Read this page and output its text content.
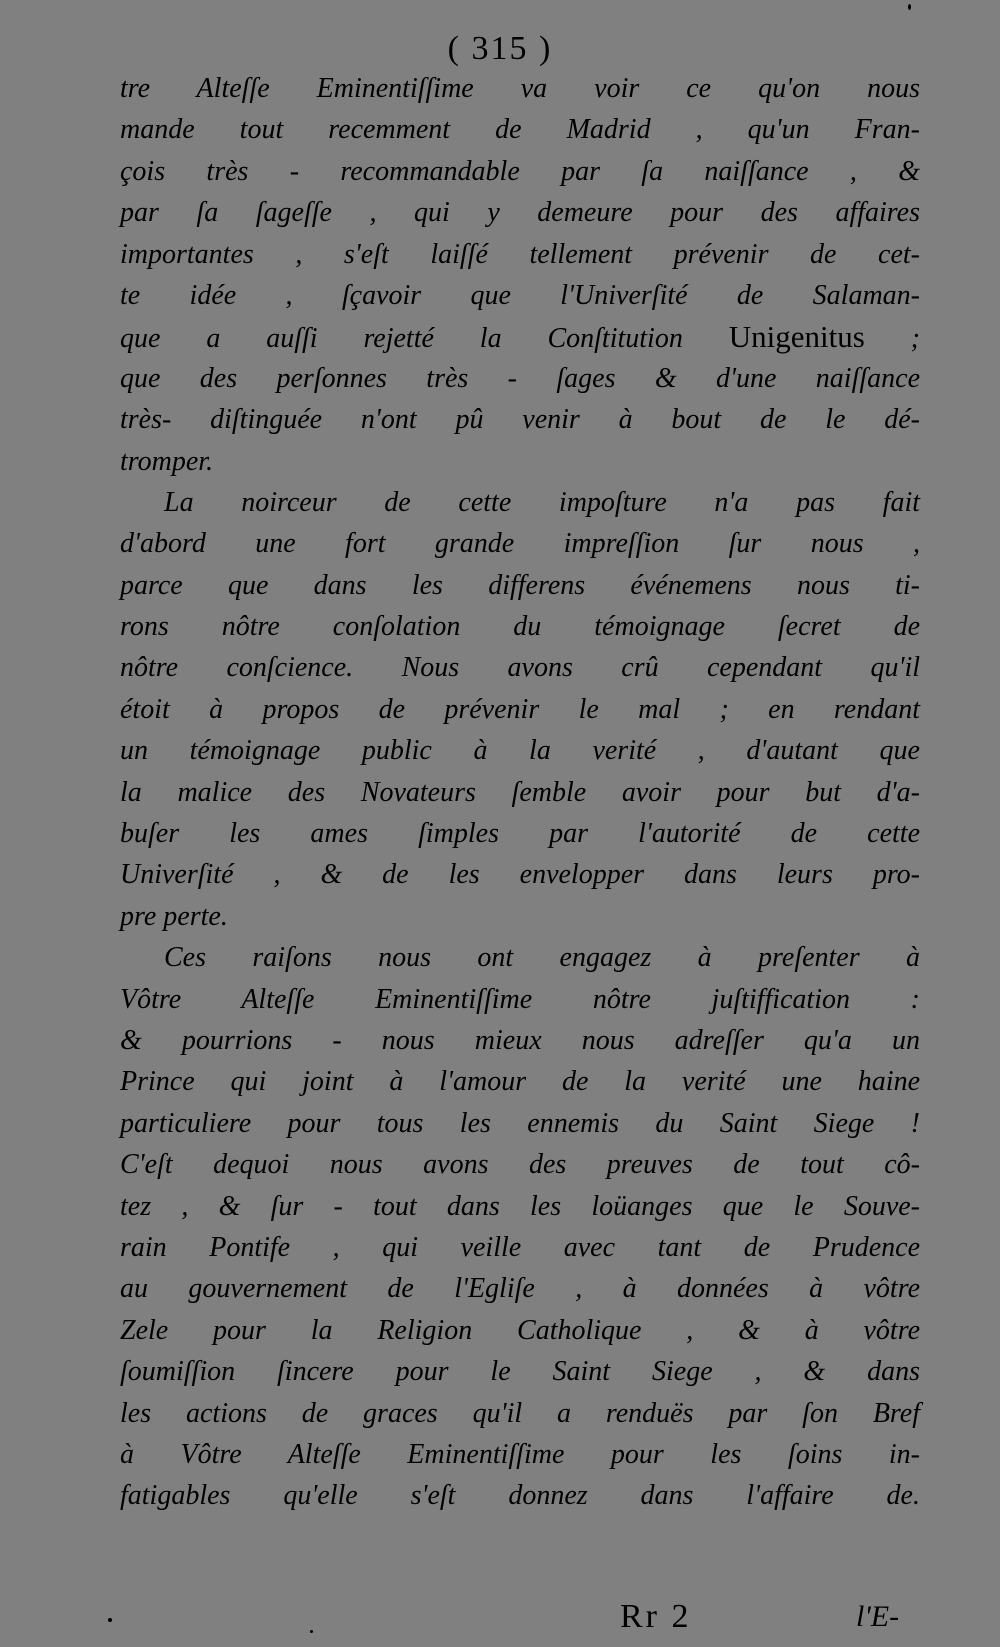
( 315 )
tre Alteſſe Eminentiſſime va voir ce qu'on nous
mande tout recemment de Madrid , qu'un Fran-
çois très - recommandable par ſa naiſſance , &
par ſa ſageſſe , qui y demeure pour des affaires
importantes , s'eſt laiſſé tellement prévenir de cet-
te idée , ſçavoir que l'Univerſité de Salaman-
que a auſſi rejetté la Conſtitution Unigenitus ;
que des perſonnes très - ſages & d'une naiſſance
très- diſtinguée n'ont pû venir à bout de le dé-
tromper.
La noirceur de cette impoſture n'a pas fait
d'abord une fort grande impreſſion ſur nous ,
parce que dans les differens événemens nous ti-
rons nôtre conſolation du témoignage ſecret de
nôtre conſcience. Nous avons crû cependant qu'il
étoit à propos de prévenir le mal ; en rendant
un témoignage public à la verité , d'autant que
la malice des Novateurs ſemble avoir pour but d'a-
buſer les ames ſimples par l'autorité de cette
Univerſité , & de les envelopper dans leurs pro-
pre perte.
Ces raiſons nous ont engagez à preſenter à
Vôtre Alteſſe Eminentiſſime nôtre juſtiffication :
& pourrions - nous mieux nous adreſſer qu'a un
Prince qui joint à l'amour de la verité une haine
particuliere pour tous les ennemis du Saint Siege !
C'eſt dequoi nous avons des preuves de tout cô-
tez , & ſur - tout dans les loüanges que le Souve-
rain Pontife , qui veille avec tant de Prudence
au gouvernement de l'Egliſe , à données à vôtre
Zele pour la Religion Catholique , & à vôtre
ſoumiſſion ſincere pour le Saint Siege , & dans
les actions de graces qu'il a renduës par ſon Bref
à Vôtre Alteſſe Eminentiſſime pour les ſoins in-
fatigables qu'elle s'eſt donnez dans l'affaire de.
Rr 2	l'E-
